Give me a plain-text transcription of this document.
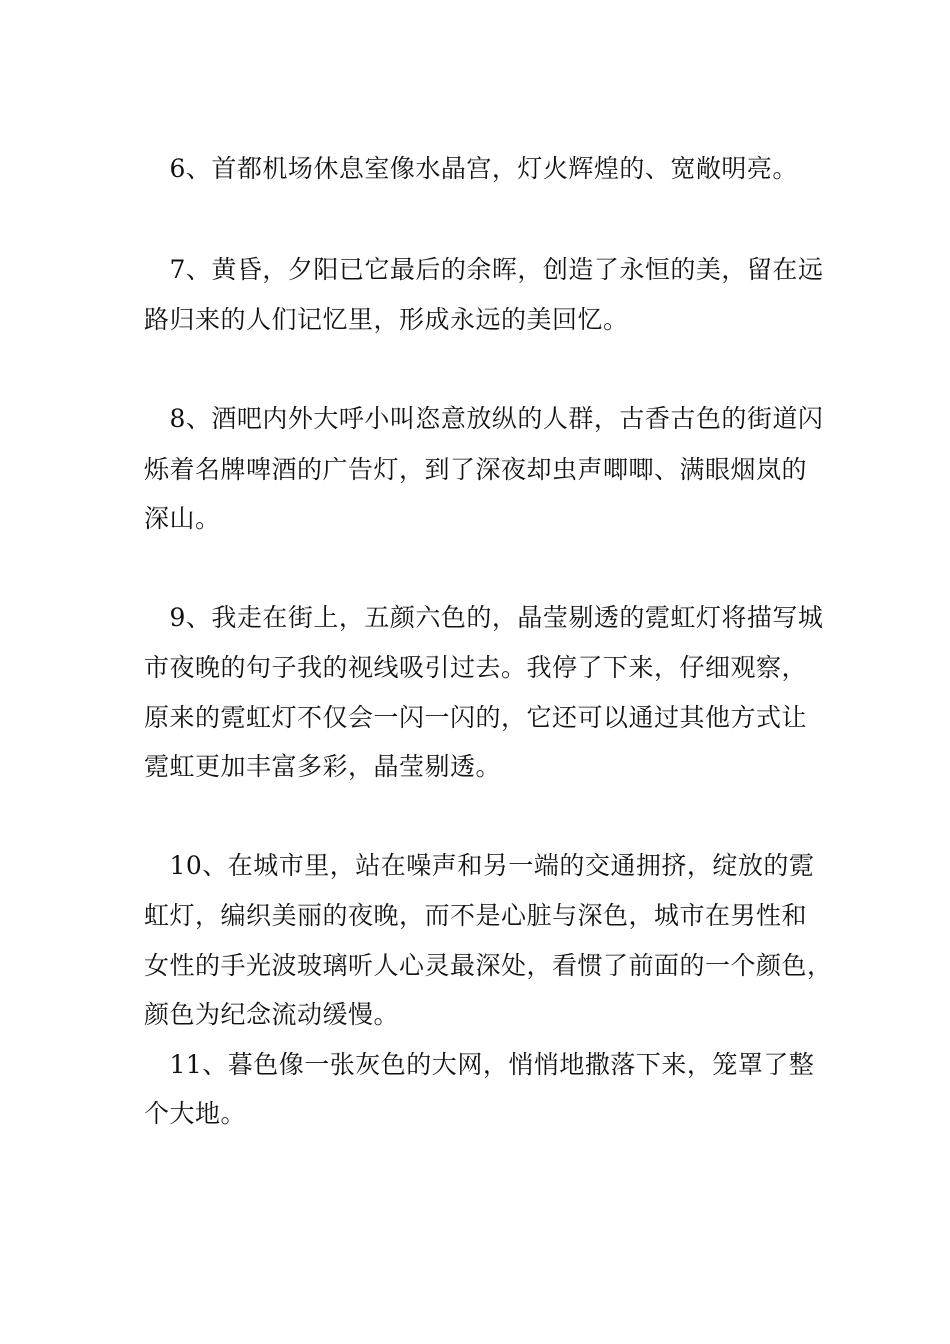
　6、首都机场休息室像水晶宫，灯火辉煌的、宽敞明亮。
　7、黄昏，夕阳已它最后的余晖，创造了永恒的美，留在远
路归来的人们记忆里，形成永远的美回忆。
　8、酒吧内外大呼小叫恣意放纵的人群，古香古色的街道闪
烁着名牌啤酒的广告灯，到了深夜却虫声唧唧、满眼烟岚的
深山。
　9、我走在街上，五颜六色的，晶莹剔透的霓虹灯将描写城
市夜晚的句子我的视线吸引过去。我停了下来，仔细观察，
原来的霓虹灯不仅会一闪一闪的，它还可以通过其他方式让
霓虹更加丰富多彩，晶莹剔透。
　10、在城市里，站在噪声和另一端的交通拥挤，绽放的霓
虹灯，编织美丽的夜晚，而不是心脏与深色，城市在男性和
女性的手光波玻璃听人心灵最深处，看惯了前面的一个颜色，
颜色为纪念流动缓慢。
　11、暮色像一张灰色的大网，悄悄地撒落下来，笼罩了整
个大地。
